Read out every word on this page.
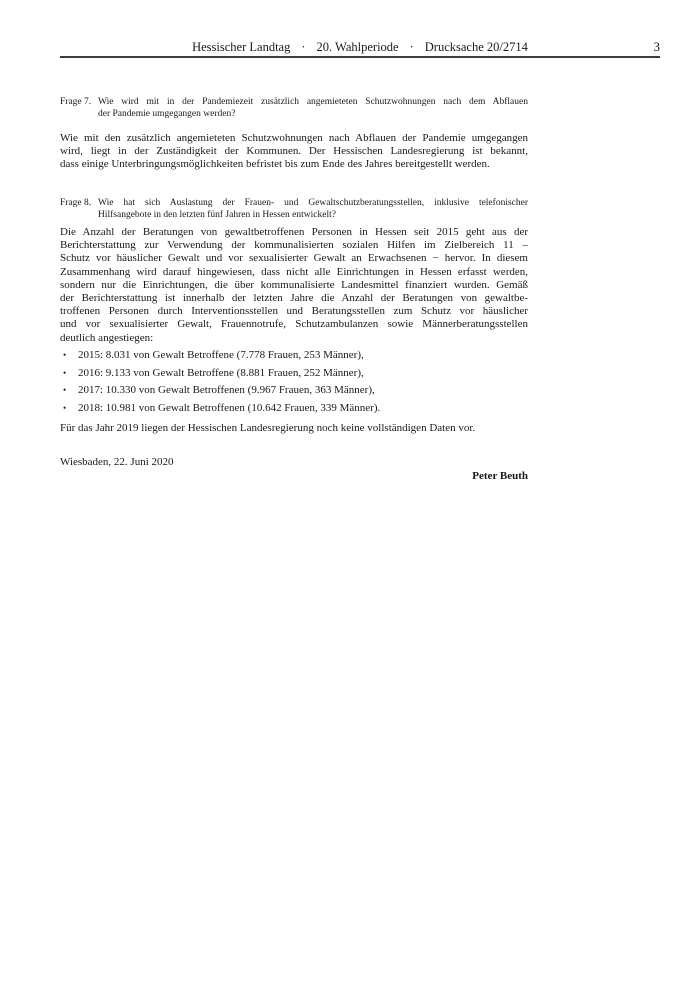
Hessischer Landtag · 20. Wahlperiode · Drucksache 20/2714	3
Frage 7. Wie wird mit in der Pandemiezeit zusätzlich angemieteten Schutzwohnungen nach dem Abflauen
der Pandemie umgegangen werden?
Wie mit den zusätzlich angemieteten Schutzwohnungen nach Abflauen der Pandemie umgegangen
wird, liegt in der Zuständigkeit der Kommunen. Der Hessischen Landesregierung ist bekannt,
dass einige Unterbringungsmöglichkeiten befristet bis zum Ende des Jahres bereitgestellt werden.
Frage 8. Wie hat sich Auslastung der Frauen- und Gewaltschutzberatungsstellen, inklusive telefonischer
Hilfsangebote in den letzten fünf Jahren in Hessen entwickelt?
Die Anzahl der Beratungen von gewaltbetroffenen Personen in Hessen seit 2015 geht aus der
Berichterstattung zur Verwendung der kommunalisierten sozialen Hilfen im Zielbereich 11 –
Schutz vor häuslicher Gewalt und vor sexualisierter Gewalt an Erwachsenen − hervor. In diesem
Zusammenhang wird darauf hingewiesen, dass nicht alle Einrichtungen in Hessen erfasst werden,
sondern nur die Einrichtungen, die über kommunalisierte Landesmittel finanziert wurden. Gemäß
der Berichterstattung ist innerhalb der letzten Jahre die Anzahl der Beratungen von gewaltbe-
troffenen Personen durch Interventionsstellen und Beratungsstellen zum Schutz vor häuslicher
und vor sexualisierter Gewalt, Frauennotrufe, Schutzambulanzen sowie Männerberatungsstellen
deutlich angestiegen:
•	2015: 8.031 von Gewalt Betroffene (7.778 Frauen, 253 Männer),
•	2016: 9.133 von Gewalt Betroffene (8.881 Frauen, 252 Männer),
•	2017: 10.330 von Gewalt Betroffenen (9.967 Frauen, 363 Männer),
•	2018: 10.981 von Gewalt Betroffenen (10.642 Frauen, 339 Männer).
Für das Jahr 2019 liegen der Hessischen Landesregierung noch keine vollständigen Daten vor.
Wiesbaden, 22. Juni 2020
Peter Beuth
